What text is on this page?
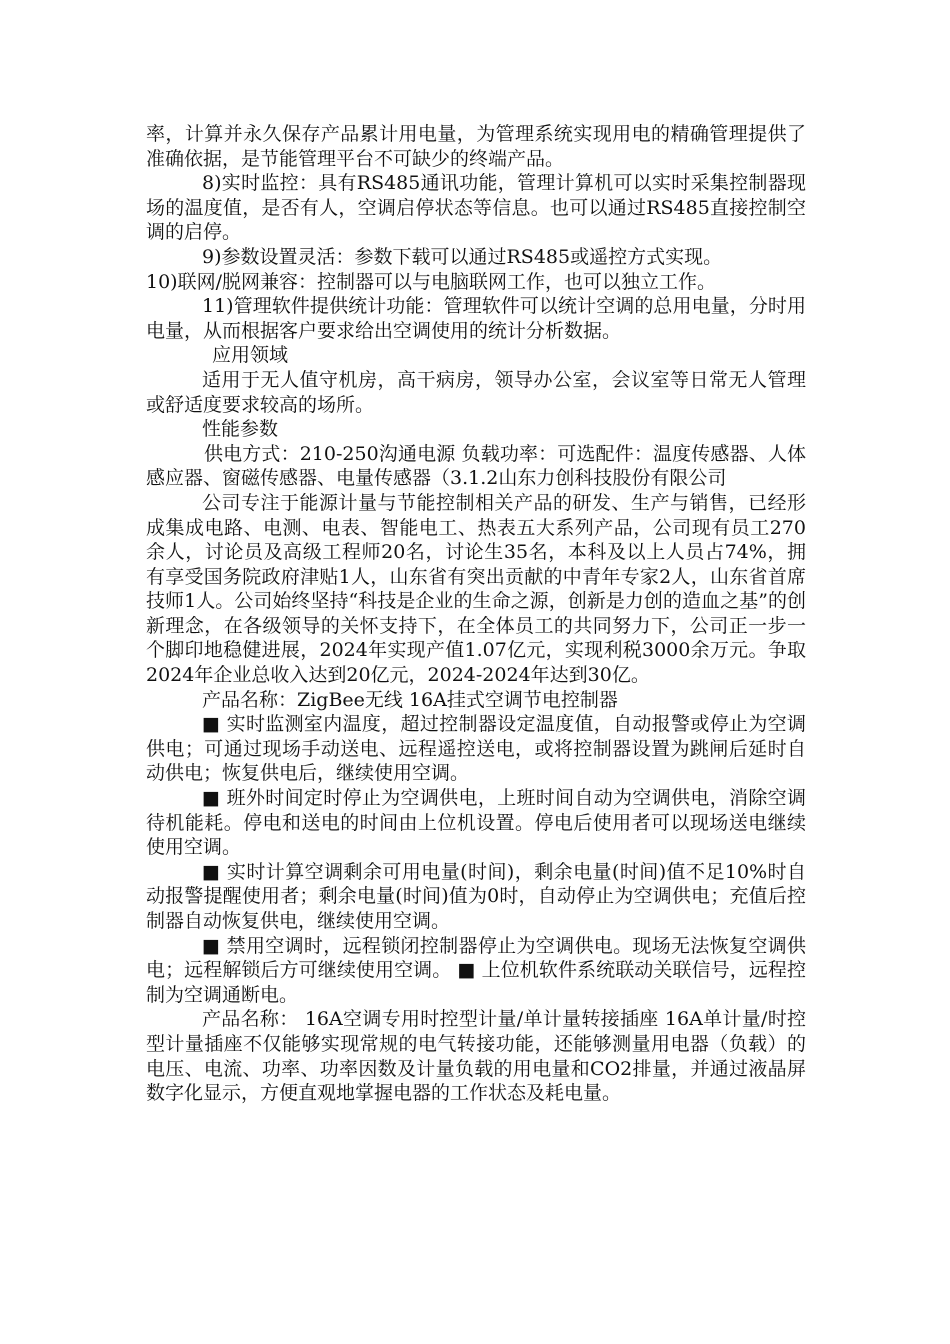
率，计算并永久保存产品累计用电量，为管理系统实现用电的精确管理提供了准确依据，是节能管理平台不可缺少的终端产品。

8)实时监控：具有RS485通讯功能，管理计算机可以实时采集控制器现场的温度值，是否有人，空调启停状态等信息。也可以通过RS485直接控制空调的启停。

9)参数设置灵活：参数下载可以通过RS485或遥控方式实现。

10)联网/脱网兼容：控制器可以与电脑联网工作，也可以独立工作。

11)管理软件提供统计功能：管理软件可以统计空调的总用电量，分时用电量，从而根据客户要求给出空调使用的统计分析数据。

应用领域

适用于无人值守机房，高干病房，领导办公室，会议室等日常无人管理或舒适度要求较高的场所。

性能参数

供电方式：210-250沟通电源 负载功率：可选配件：温度传感器、人体感应器、窗磁传感器、电量传感器（3.1.2山东力创科技股份有限公司

公司专注于能源计量与节能控制相关产品的研发、生产与销售，已经形成集成电路、电测、电表、智能电工、热表五大系列产品，公司现有员工270余人，讨论员及高级工程师20名，讨论生35名，本科及以上人员占74%，拥有享受国务院政府津贴1人，山东省有突出贡献的中青年专家2人，山东省首席技师1人。公司始终坚持“科技是企业的生命之源，创新是力创的造血之基”的创新理念，在各级领导的关怀支持下，在全体员工的共同努力下，公司正一步一个脚印地稳健进展，2024年实现产值1.07亿元，实现利税3000余万元。争取2024年企业总收入达到20亿元，2024-2024年达到30亿。

产品名称：ZigBee无线 16A挂式空调节电控制器

■ 实时监测室内温度，超过控制器设定温度值，自动报警或停止为空调供电；可通过现场手动送电、远程遥控送电，或将控制器设置为跳闸后延时自动供电；恢复供电后，继续使用空调。

■ 班外时间定时停止为空调供电，上班时间自动为空调供电，消除空调待机能耗。停电和送电的时间由上位机设置。停电后使用者可以现场送电继续使用空调。

■ 实时计算空调剩余可用电量(时间)，剩余电量(时间)值不足10%时自动报警提醒使用者；剩余电量(时间)值为0时，自动停止为空调供电；充值后控制器自动恢复供电，继续使用空调。

■ 禁用空调时，远程锁闭控制器停止为空调供电。现场无法恢复空调供电；远程解锁后方可继续使用空调。 ■ 上位机软件系统联动关联信号，远程控制为空调通断电。

产品名称： 16A空调专用时控型计量/单计量转接插座 16A单计量/时控型计量插座不仅能够实现常规的电气转接功能，还能够测量用电器（负载）的电压、电流、功率、功率因数及计量负载的用电量和CO2排量，并通过液晶屏数字化显示，方便直观地掌握电器的工作状态及耗电量。
